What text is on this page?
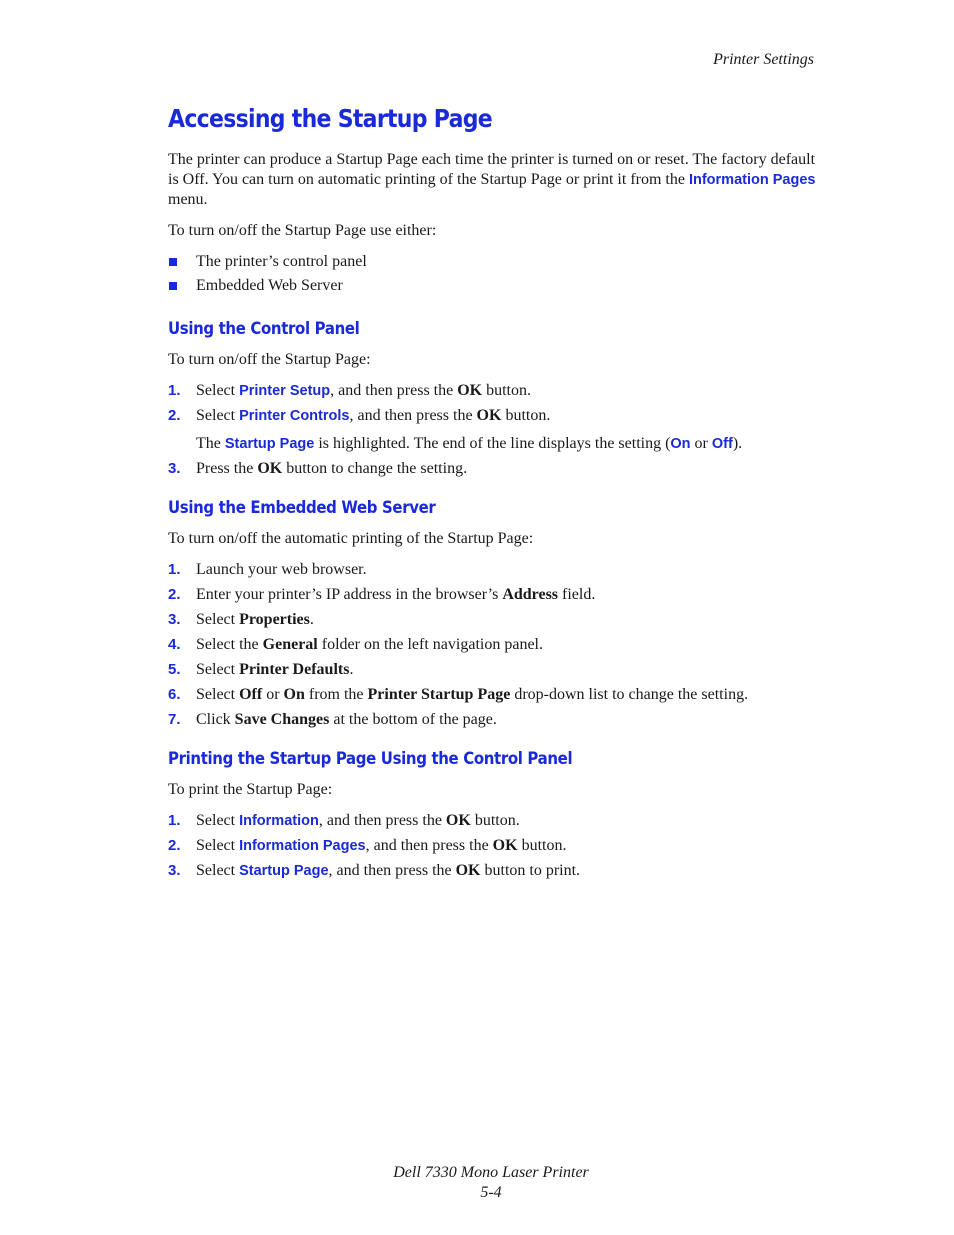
Printer Settings
Accessing the Startup Page

The printer can produce a Startup Page each time the printer is turned on or reset. The factory default is Off. You can turn on automatic printing of the Startup Page or print it from the Information Pages menu.

To turn on/off the Startup Page use either:

The printer’s control panel
Embedded Web Server
Using the Control Panel

To turn on/off the Startup Page:

1. Select Printer Setup, and then press the OK button.
2. Select Printer Controls, and then press the OK button.
The Startup Page is highlighted. The end of the line displays the setting (On or Off).
3. Press the OK button to change the setting.
Using the Embedded Web Server

To turn on/off the automatic printing of the Startup Page:

1. Launch your web browser.
2. Enter your printer’s IP address in the browser’s Address field.
3. Select Properties.
4. Select the General folder on the left navigation panel.
5. Select Printer Defaults.
6. Select Off or On from the Printer Startup Page drop-down list to change the setting.
7. Click Save Changes at the bottom of the page.
Printing the Startup Page Using the Control Panel

To print the Startup Page:

1. Select Information, and then press the OK button.
2. Select Information Pages, and then press the OK button.
3. Select Startup Page, and then press the OK button to print.
Dell 7330 Mono Laser Printer
5-4
